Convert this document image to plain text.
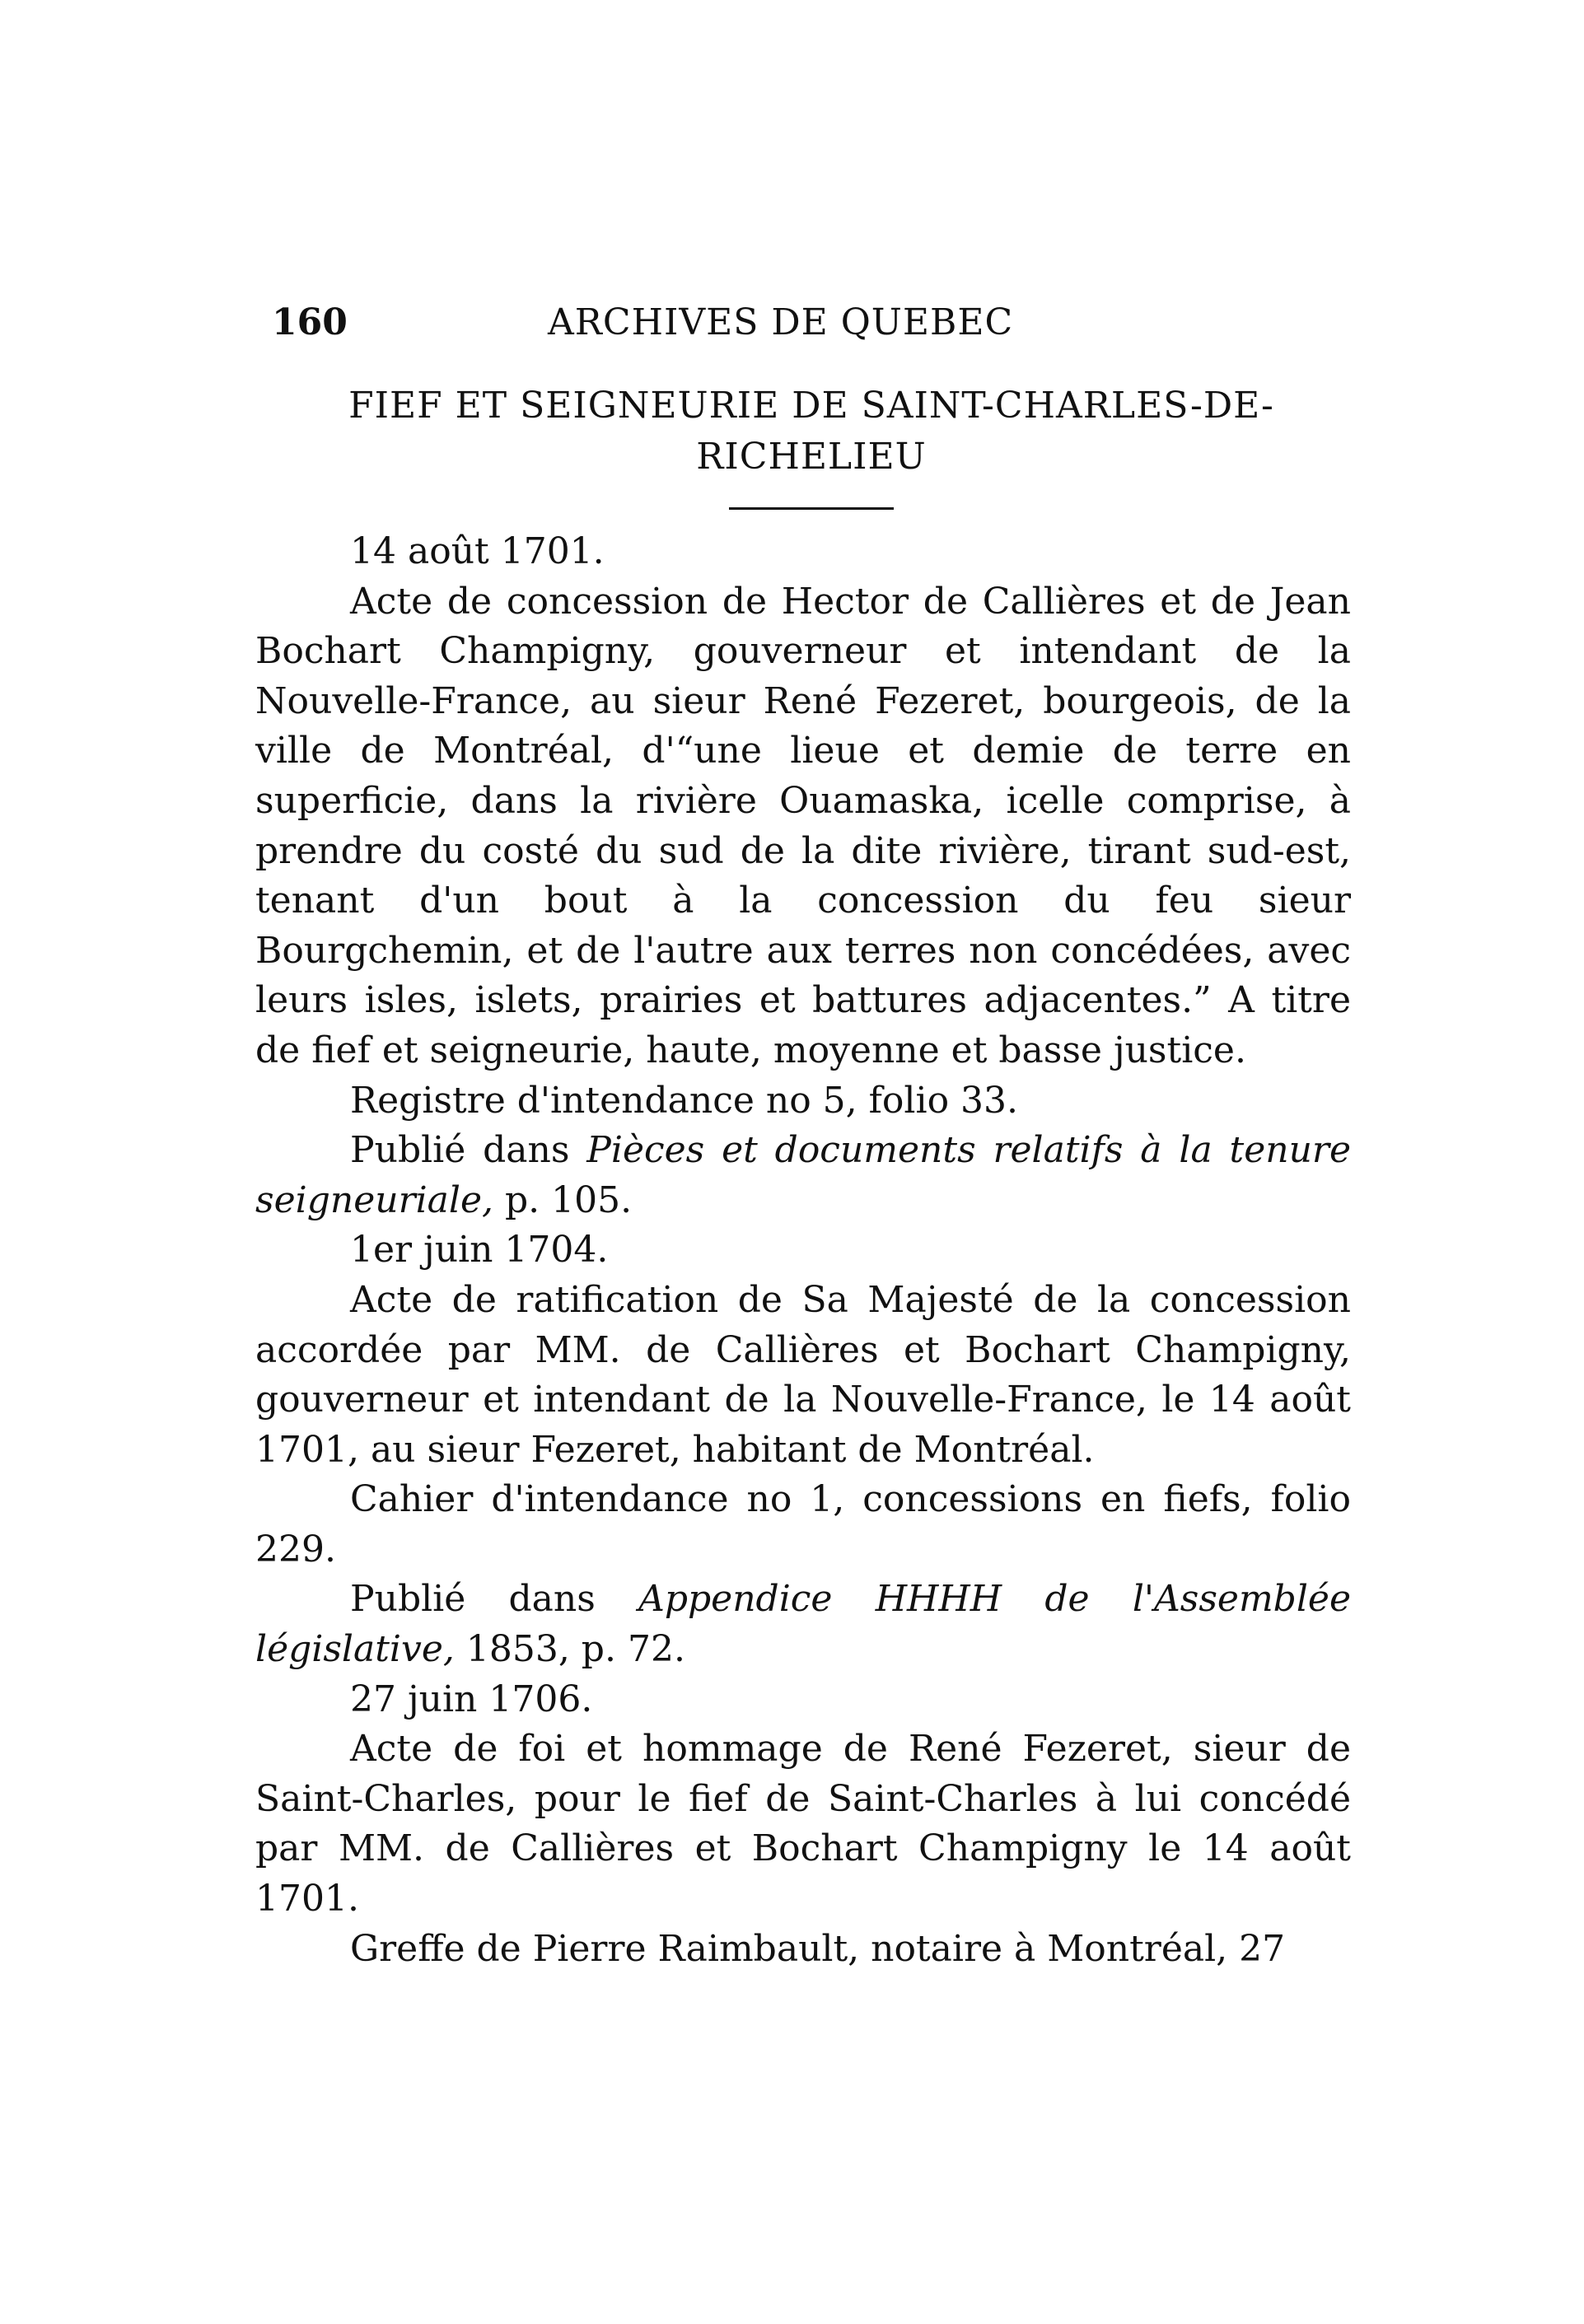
160	ARCHIVES DE QUEBEC
FIEF ET SEIGNEURIE DE SAINT-CHARLES-DE-RICHELIEU

14 août 1701.

Acte de concession de Hector de Callières et de Jean Bochart Champigny, gouverneur et intendant de la Nouvelle-France, au sieur René Fezeret, bourgeois, de la ville de Montréal, d'“une lieue et demie de terre en superficie, dans la rivière Ouamaska, icelle comprise, à prendre du costé du sud de la dite rivière, tirant sud-est, tenant d'un bout à la concession du feu sieur Bourgchemin, et de l'autre aux terres non concédées, avec leurs isles, islets, prairies et battures adjacentes.” A titre de fief et seigneurie, haute, moyenne et basse justice.

Registre d'intendance no 5, folio 33.

Publié dans Pièces et documents relatifs à la tenure seigneuriale, p. 105.

1er juin 1704.

Acte de ratification de Sa Majesté de la concession accordée par MM. de Callières et Bochart Champigny, gouverneur et intendant de la Nouvelle-France, le 14 août 1701, au sieur Fezeret, habitant de Montréal.

Cahier d'intendance no 1, concessions en fiefs, folio 229.

Publié dans Appendice HHHH de l'Assemblée législative, 1853, p. 72.

27 juin 1706.

Acte de foi et hommage de René Fezeret, sieur de Saint-Charles, pour le fief de Saint-Charles à lui concédé par MM. de Callières et Bochart Champigny le 14 août 1701.

Greffe de Pierre Raimbault, notaire à Montréal, 27
